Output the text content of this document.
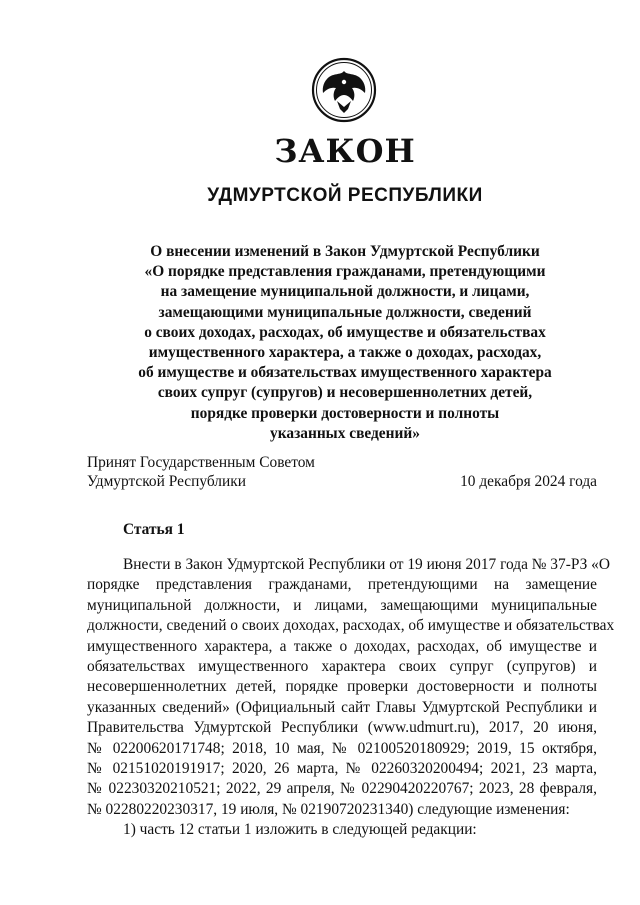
ЗАКОН
УДМУРТСКОЙ РЕСПУБЛИКИ
О внесении изменений в Закон Удмуртской Республики
«О порядке представления гражданами, претендующими
на замещение муниципальной должности, и лицами,
замещающими муниципальные должности, сведений
о своих доходах, расходах, об имуществе и обязательствах
имущественного характера, а также о доходах, расходах,
об имуществе и обязательствах имущественного характера
своих супруг (супругов) и несовершеннолетних детей,
порядке проверки достоверности и полноты
указанных сведений»
Принят Государственным Советом
Удмуртской Республики	10 декабря 2024 года
Статья 1
Внести в Закон Удмуртской Республики от 19 июня 2017 года № 37-РЗ «О
порядке представления гражданами, претендующими на замещение
муниципальной должности, и лицами, замещающими муниципальные
должности, сведений о своих доходах, расходах, об имуществе и обязательствах
имущественного характера, а также о доходах, расходах, об имуществе и
обязательствах имущественного характера своих супруг (супругов) и
несовершеннолетних детей, порядке проверки достоверности и полноты
указанных сведений» (Официальный сайт Главы Удмуртской Республики и
Правительства Удмуртской Республики (www.udmurt.ru), 2017, 20 июня,
№ 02200620171748; 2018, 10 мая, № 02100520180929; 2019, 15 октября,
№ 02151020191917; 2020, 26 марта, № 02260320200494; 2021, 23 марта,
№ 02230320210521; 2022, 29 апреля, № 02290420220767; 2023, 28 февраля,
№ 02280220230317, 19 июля, № 02190720231340) следующие изменения:
1) часть 12 статьи 1 изложить в следующей редакции:
